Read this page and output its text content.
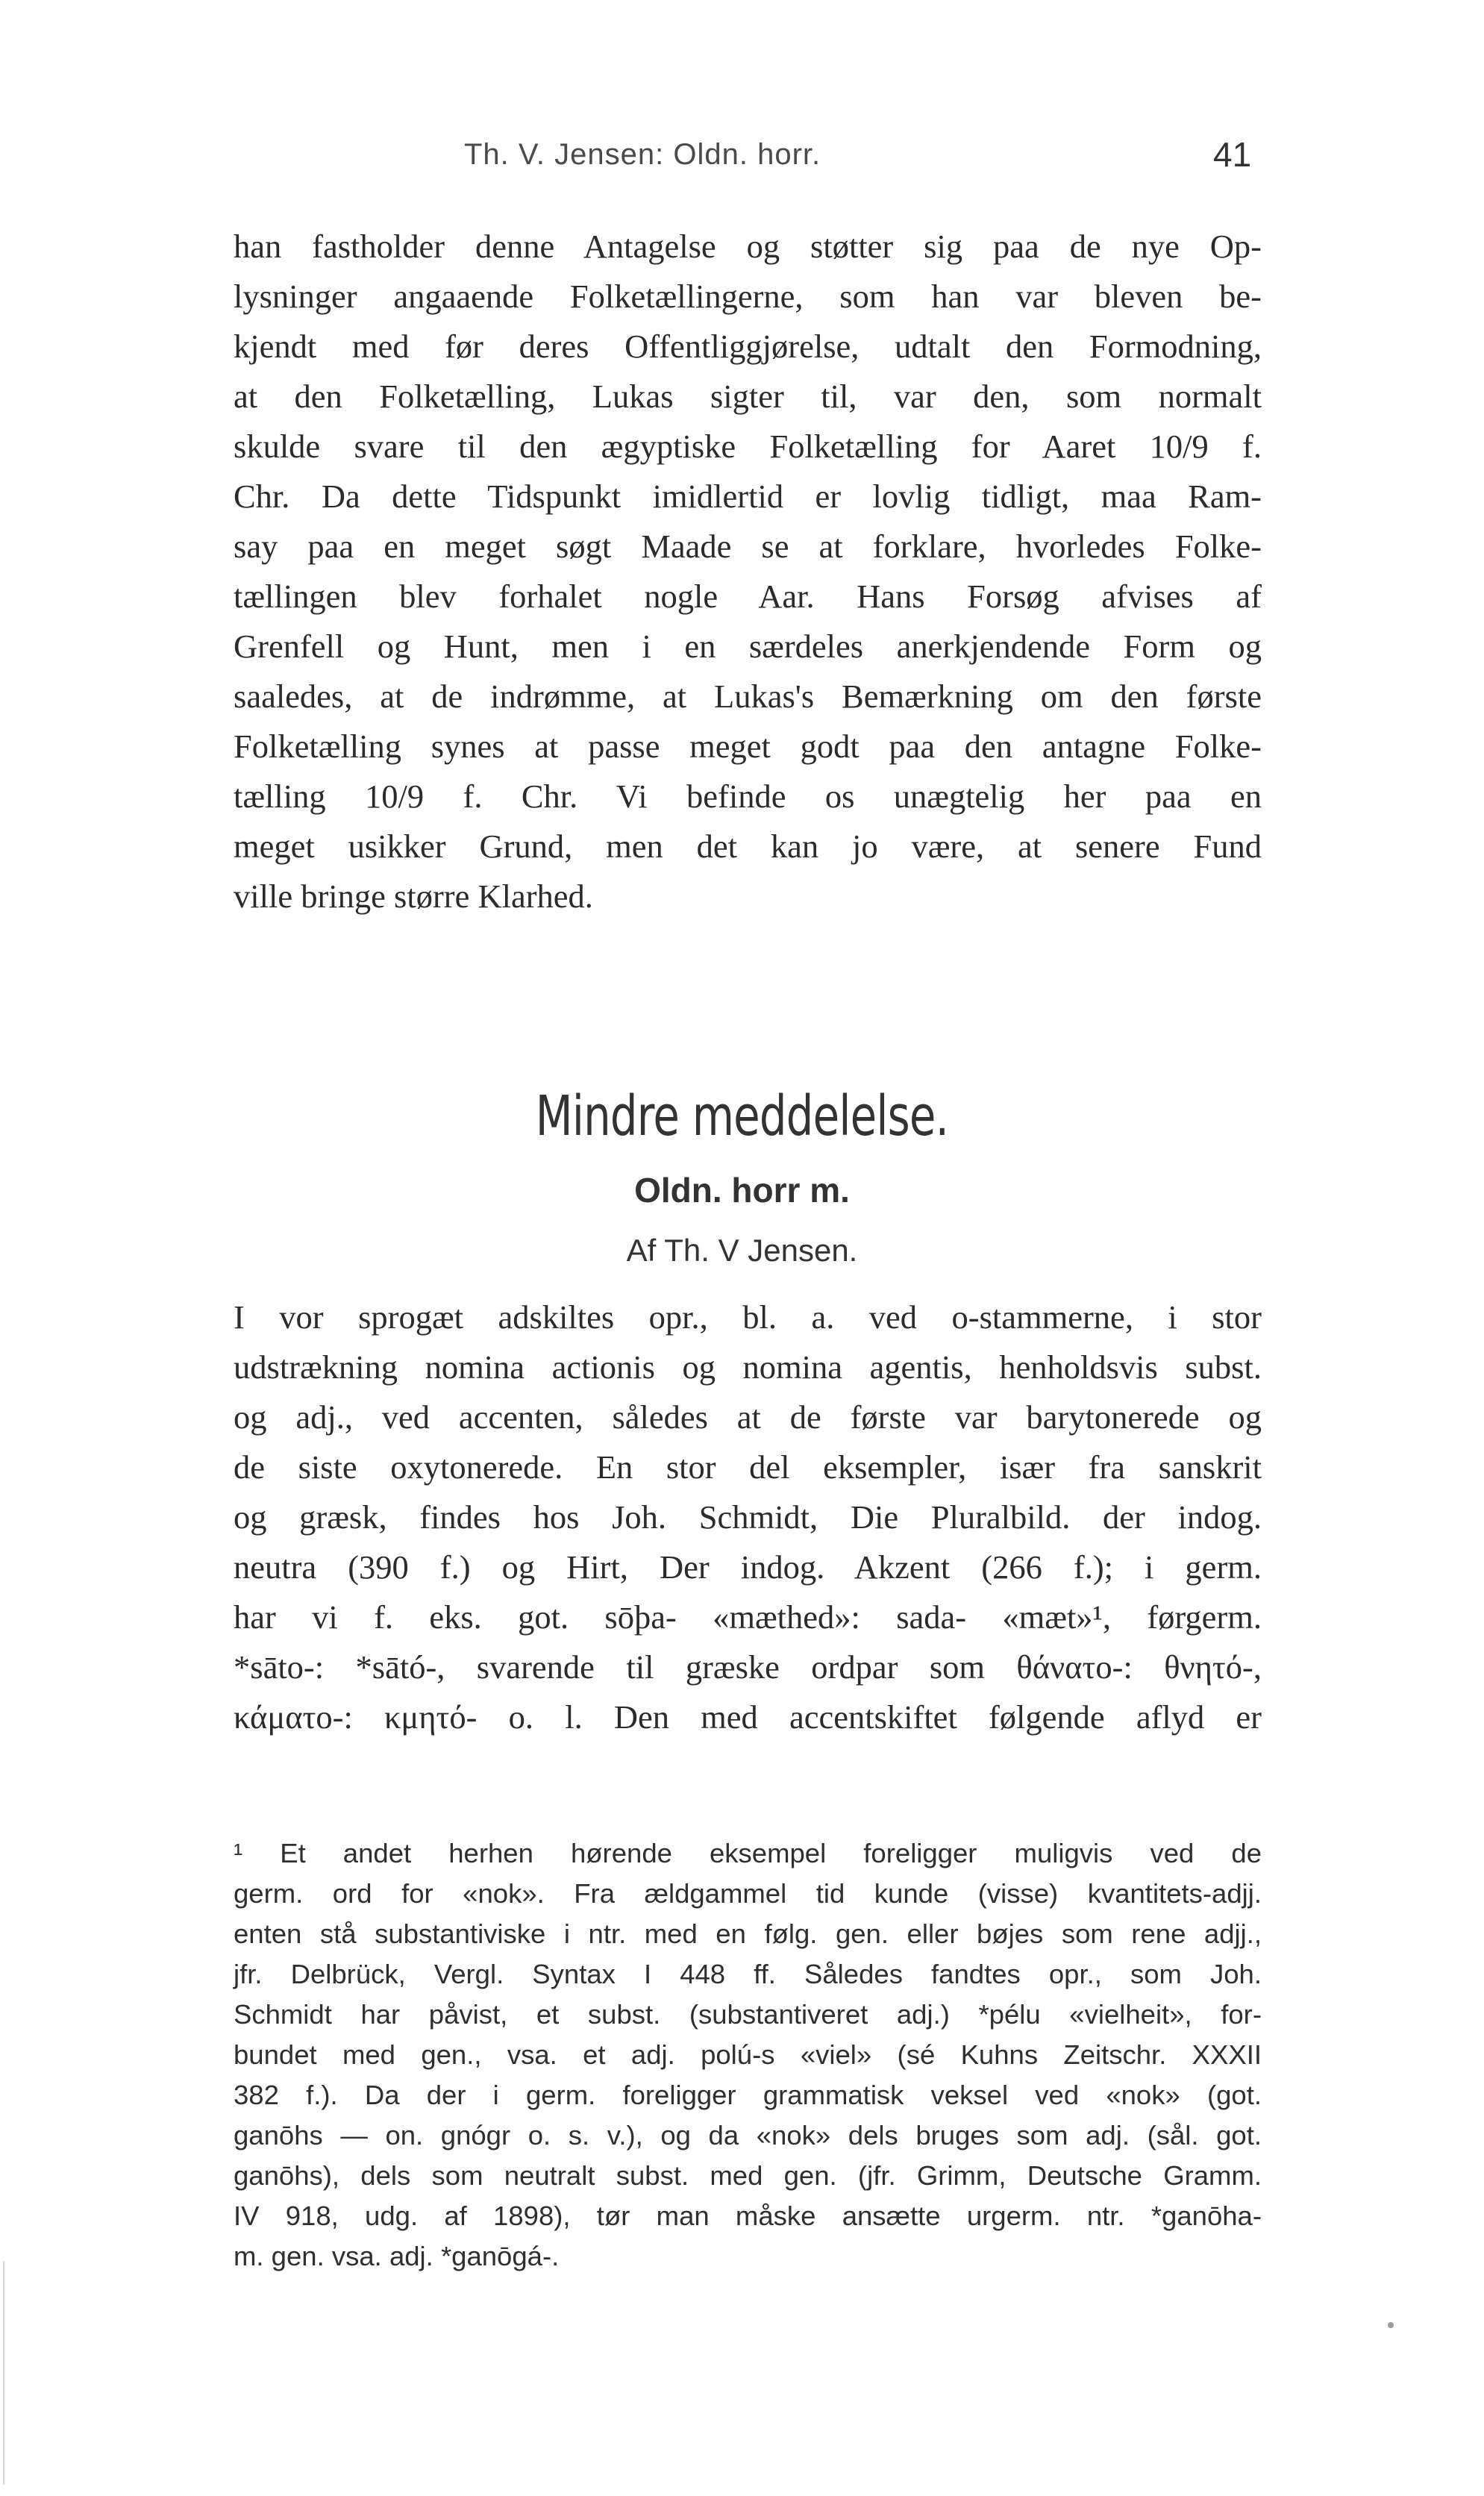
Th. V. Jensen: Oldn. horr.	41
han fastholder denne Antagelse og støtter sig paa de nye Op-
lysninger angaaende Folketællingerne, som han var bleven be-
kjendt med før deres Offentliggjørelse, udtalt den Formodning,
at den Folketælling, Lukas sigter til, var den, som normalt
skulde svare til den ægyptiske Folketælling for Aaret 10/9 f.
Chr. Da dette Tidspunkt imidlertid er lovlig tidligt, maa Ram-
say paa en meget søgt Maade se at forklare, hvorledes Folke-
tællingen blev forhalet nogle Aar. Hans Forsøg afvises af
Grenfell og Hunt, men i en særdeles anerkjendende Form og
saaledes, at de indrømme, at Lukas's Bemærkning om den første
Folketælling synes at passe meget godt paa den antagne Folke-
tælling 10/9 f. Chr. Vi befinde os unægtelig her paa en
meget usikker Grund, men det kan jo være, at senere Fund
ville bringe større Klarhed.
Mindre meddelelse.
Oldn. horr m.
Af Th. V Jensen.
I vor sprogæt adskiltes opr., bl. a. ved o-stammerne, i stor
udstrækning nomina actionis og nomina agentis, henholdsvis subst.
og adj., ved accenten, således at de første var barytonerede og
de siste oxytonerede. En stor del eksempler, især fra sanskrit
og græsk, findes hos Joh. Schmidt, Die Pluralbild. der indog.
neutra (390 f.) og Hirt, Der indog. Akzent (266 f.); i germ.
har vi f. eks. got. sōþa- «mæthed»: sada- «mæt»¹, førgerm.
*sāto-: *sātó-, svarende til græske ordpar som θάνατο-: θνητό-,
κάματο-: κμητό- o. l. Den med accentskiftet følgende aflyd er
¹ Et andet herhen hørende eksempel foreligger muligvis ved de
germ. ord for «nok». Fra ældgammel tid kunde (visse) kvantitets-adjj.
enten stå substantiviske i ntr. med en følg. gen. eller bøjes som rene adjj.,
jfr. Delbrück, Vergl. Syntax I 448 ff. Således fandtes opr., som Joh.
Schmidt har påvist, et subst. (substantiveret adj.) *pélu «vielheit», for-
bundet med gen., vsa. et adj. polú-s «viel» (sé Kuhns Zeitschr. XXXII
382 f.). Da der i germ. foreligger grammatisk veksel ved «nok» (got.
ganōhs — on. gnógr o. s. v.), og da «nok» dels bruges som adj. (sål. got.
ganōhs), dels som neutralt subst. med gen. (jfr. Grimm, Deutsche Gramm.
IV 918, udg. af 1898), tør man måske ansætte urgerm. ntr. *ganōha-
m. gen. vsa. adj. *ganōgá-.
